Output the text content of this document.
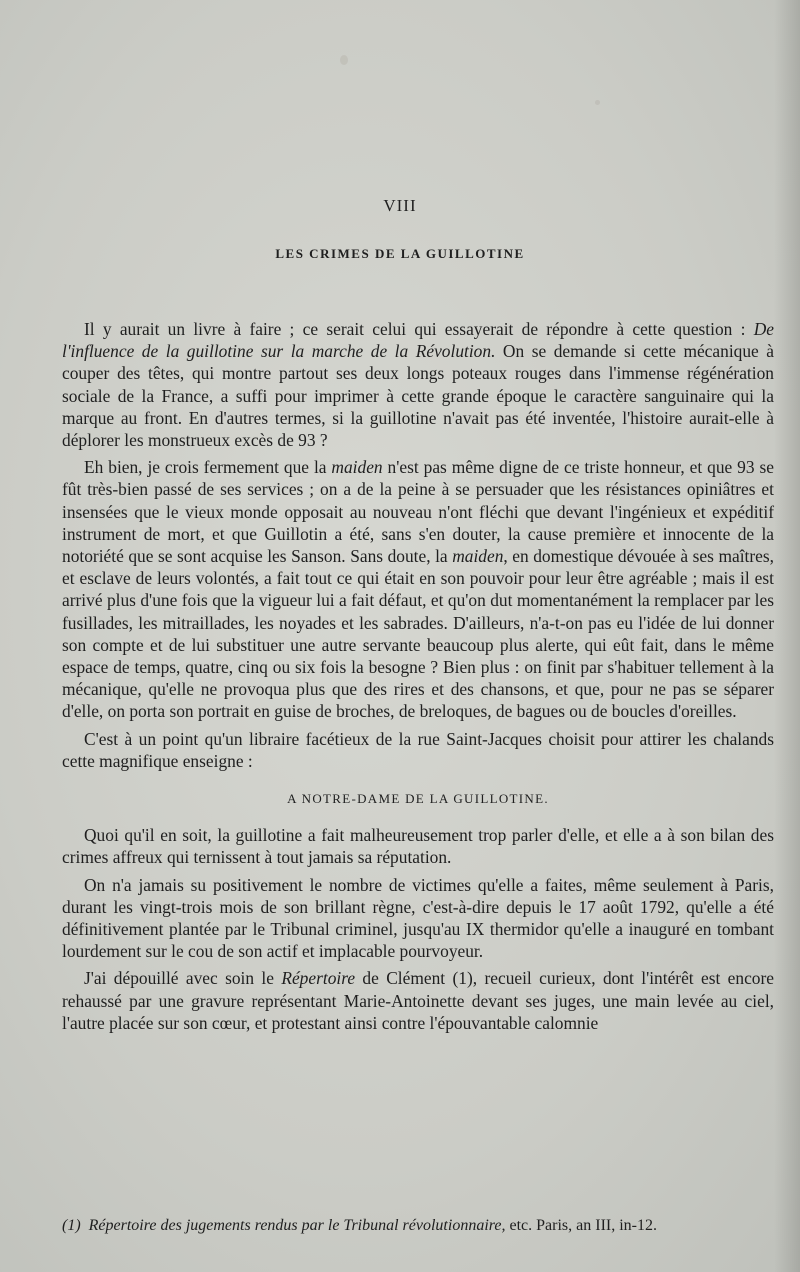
VIII
LES CRIMES DE LA GUILLOTINE

Il y aurait un livre à faire ; ce serait celui qui essayerait de répondre à cette question : De l'influence de la guillotine sur la marche de la Révolution. On se demande si cette mécanique à couper des têtes, qui montre partout ses deux longs poteaux rouges dans l'immense régénération sociale de la France, a suffi pour imprimer à cette grande époque le caractère sanguinaire qui la marque au front. En d'autres termes, si la guillotine n'avait pas été inventée, l'histoire aurait-elle à déplorer les monstrueux excès de 93 ?

Eh bien, je crois fermement que la maiden n'est pas même digne de ce triste honneur, et que 93 se fût très-bien passé de ses services ; on a de la peine à se persuader que les résistances opiniâtres et insensées que le vieux monde opposait au nouveau n'ont fléchi que devant l'ingénieux et expéditif instrument de mort, et que Guillotin a été, sans s'en douter, la cause première et innocente de la notoriété que se sont acquise les Sanson. Sans doute, la maiden, en domestique dévouée à ses maîtres, et esclave de leurs volontés, a fait tout ce qui était en son pouvoir pour leur être agréable ; mais il est arrivé plus d'une fois que la vigueur lui a fait défaut, et qu'on dut momentanément la remplacer par les fusillades, les mitraillades, les noyades et les sabrades. D'ailleurs, n'a-t-on pas eu l'idée de lui donner son compte et de lui substituer une autre servante beaucoup plus alerte, qui eût fait, dans le même espace de temps, quatre, cinq ou six fois la besogne ? Bien plus : on finit par s'habituer tellement à la mécanique, qu'elle ne provoqua plus que des rires et des chansons, et que, pour ne pas se séparer d'elle, on porta son portrait en guise de broches, de breloques, de bagues ou de boucles d'oreilles.

C'est à un point qu'un libraire facétieux de la rue Saint-Jacques choisit pour attirer les chalands cette magnifique enseigne :

A NOTRE-DAME DE LA GUILLOTINE.

Quoi qu'il en soit, la guillotine a fait malheureusement trop parler d'elle, et elle a à son bilan des crimes affreux qui ternissent à tout jamais sa réputation.

On n'a jamais su positivement le nombre de victimes qu'elle a faites, même seulement à Paris, durant les vingt-trois mois de son brillant règne, c'est-à-dire depuis le 17 août 1792, qu'elle a été définitivement plantée par le Tribunal criminel, jusqu'au IX thermidor qu'elle a inauguré en tombant lourdement sur le cou de son actif et implacable pourvoyeur.

J'ai dépouillé avec soin le Répertoire de Clément (1), recueil curieux, dont l'intérêt est encore rehaussé par une gravure représentant Marie-Antoinette devant ses juges, une main levée au ciel, l'autre placée sur son cœur, et protestant ainsi contre l'épouvantable calomnie

(1) Répertoire des jugements rendus par le Tribunal révolutionnaire, etc. Paris, an III, in-12.
